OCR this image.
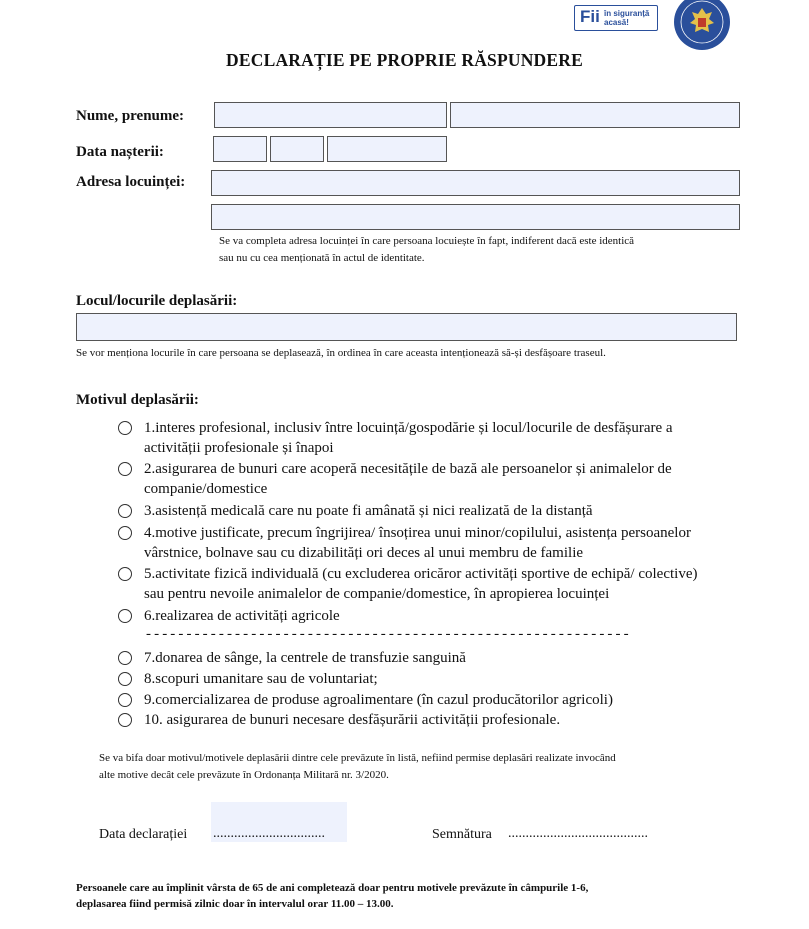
Fii în siguranță
acasă!
DECLARAȚIE PE PROPRIE RĂSPUNDERE
Nume, prenume:
Data nașterii:
Adresa locuinței:
Se va completa adresa locuinței în care persoana locuiește în fapt, indiferent dacă este identică
sau nu cu cea menționată în actul de identitate.
Locul/locurile deplasării:
Se vor menționa locurile în care persoana se deplasează, în ordinea în care aceasta intenționează să-și desfășoare traseul.
Motivul deplasării:
1.interes profesional, inclusiv între locuință/gospodărie și locul/locurile de desfășurare a
activității profesionale și înapoi
2.asigurarea de bunuri care acoperă necesitățile de bază ale persoanelor și animalelor de
companie/domestice
3.asistență medicală care nu poate fi amânată și nici realizată de la distanță
4.motive justificate, precum îngrijirea/ însoțirea unui minor/copilului, asistența persoanelor
vârstnice, bolnave sau cu dizabilități ori deces al unui membru de familie
5.activitate fizică individuală (cu excluderea oricăror activități sportive de echipă/ colective)
sau pentru nevoile animalelor de companie/domestice, în apropierea locuinței
6.realizarea de activități agricole
------------------------------------------------------------
7.donarea de sânge, la centrele de transfuzie sanguină
8.scopuri umanitare sau de voluntariat;
9.comercializarea de produse agroalimentare (în cazul producătorilor agricoli)
10. asigurarea de bunuri necesare desfășurării activității profesionale.
Se va bifa doar motivul/motivele deplasării dintre cele prevăzute în listă, nefiind permise deplasări realizate invocând
alte motive decât cele prevăzute în Ordonanța Militară nr. 3/2020.
Data declarației ................................	Semnătura ........................................
Persoanele care au împlinit vârsta de 65 de ani completează doar pentru motivele prevăzute în câmpurile 1-6,
deplasarea fiind permisă zilnic doar în intervalul orar 11.00 – 13.00.
